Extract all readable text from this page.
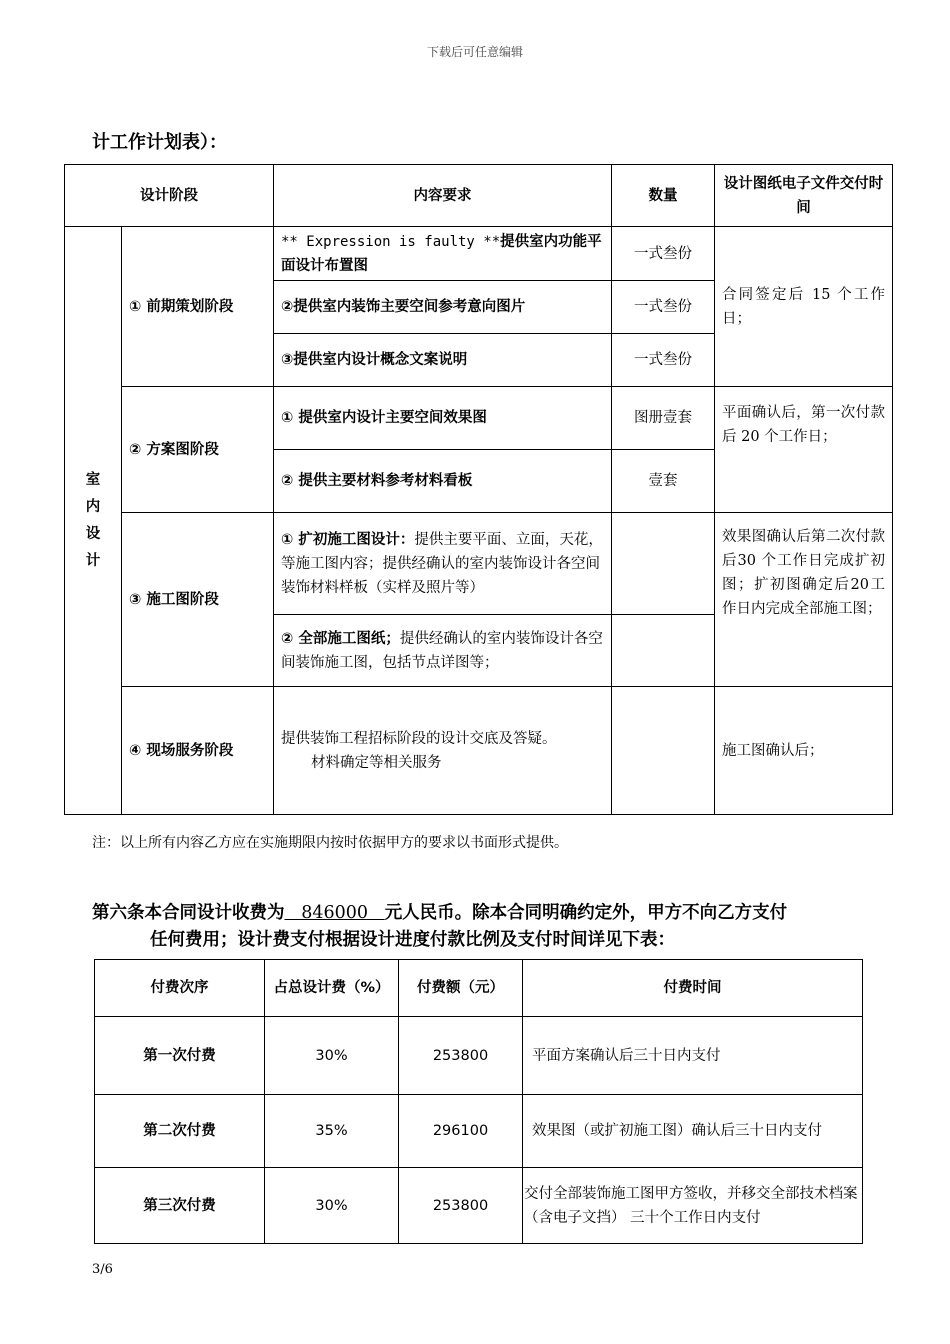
下载后可任意编辑
计工作计划表）：
设计阶段		内容要求	数量	设计图纸电子文件交付时间
室
内
设
计	① 前期策划阶段	** Expression is faulty **提供室内功能平面设计布置图	一式叁份	合同签定后 15 个工作日；
		②提供室内装饰主要空间参考意向图片	一式叁份	
		③提供室内设计概念文案说明	一式叁份	
	② 方案图阶段	① 提供室内设计主要空间效果图	图册壹套	平面确认后，第一次付款后 20 个工作日；
		② 提供主要材料参考材料看板	壹套	
	③ 施工图阶段	① 扩初施工图设计：提供主要平面、立面，天花，等施工图内容；提供经确认的室内装饰设计各空间装饰材料样板（实样及照片等）		效果图确认后第二次付款后30 个工作日完成扩初图；扩初图确定后20工作日内完成全部施工图；
		② 全部施工图纸；提供经确认的室内装饰设计各空间装饰施工图，包括节点详图等；		
	④ 现场服务阶段	提供装饰工程招标阶段的设计交底及答疑。
材料确定等相关服务		施工图确认后；
注：以上所有内容乙方应在实施期限内按时依据甲方的要求以书面形式提供。
第六条本合同设计收费为   846000   元人民币。除本合同明确约定外，甲方不向乙方支付
任何费用；设计费支付根据设计进度付款比例及支付时间详见下表：
付费次序	占总设计费（%）	付费额（元）	付费时间
第一次付费	30%	253800	平面方案确认后三十日内支付
第二次付费	35%	296100	效果图（或扩初施工图）确认后三十日内支付
第三次付费	30%	253800	交付全部装饰施工图甲方签收，并移交全部技术档案（含电子文挡） 三十个工作日内支付
3/6
